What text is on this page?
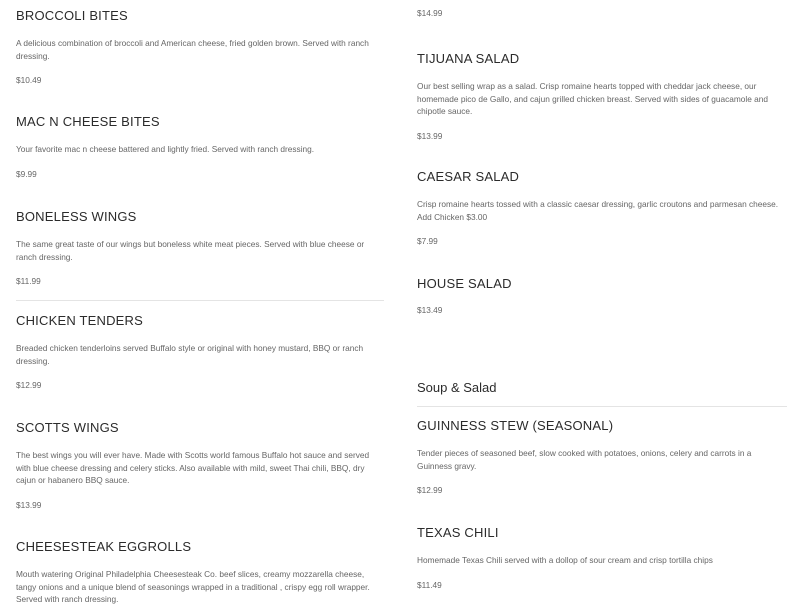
BROCCOLI BITES

A delicious combination of broccoli and American cheese, fried golden brown. Served with ranch dressing.

$10.49

MAC N CHEESE BITES

Your favorite mac n cheese battered and lightly fried. Served with ranch dressing.

$9.99

BONELESS WINGS

The same great taste of our wings but boneless white meat pieces. Served with blue cheese or ranch dressing.

$11.99

CHICKEN TENDERS

Breaded chicken tenderloins served Buffalo style or original with honey mustard, BBQ or ranch dressing.

$12.99

SCOTTS WINGS

The best wings you will ever have. Made with Scotts world famous Buffalo hot sauce and served with blue cheese dressing and celery sticks. Also available with mild, sweet Thai chili, BBQ, dry cajun or habanero BBQ sauce.

$13.99

CHEESESTEAK EGGROLLS

Mouth watering Original Philadelphia Cheesesteak Co. beef slices, creamy mozzarella cheese, tangy onions and a unique blend of seasonings wrapped in a traditional , crispy egg roll wrapper. Served with ranch dressing.

$14.99

TIJUANA SALAD

Our best selling wrap as a salad. Crisp romaine hearts topped with cheddar jack cheese, our homemade pico de Gallo, and cajun grilled chicken breast. Served with sides of guacamole and chipotle sauce.

$13.99

CAESAR SALAD

Crisp romaine hearts tossed with a classic caesar dressing, garlic croutons and parmesan cheese. Add Chicken $3.00

$7.99

HOUSE SALAD

$13.49

Soup & Salad

GUINNESS STEW (SEASONAL)

Tender pieces of seasoned beef, slow cooked with potatoes, onions, celery and carrots in a Guinness gravy.

$12.99

TEXAS CHILI

Homemade Texas Chili served with a dollop of sour cream and crisp tortilla chips

$11.49
